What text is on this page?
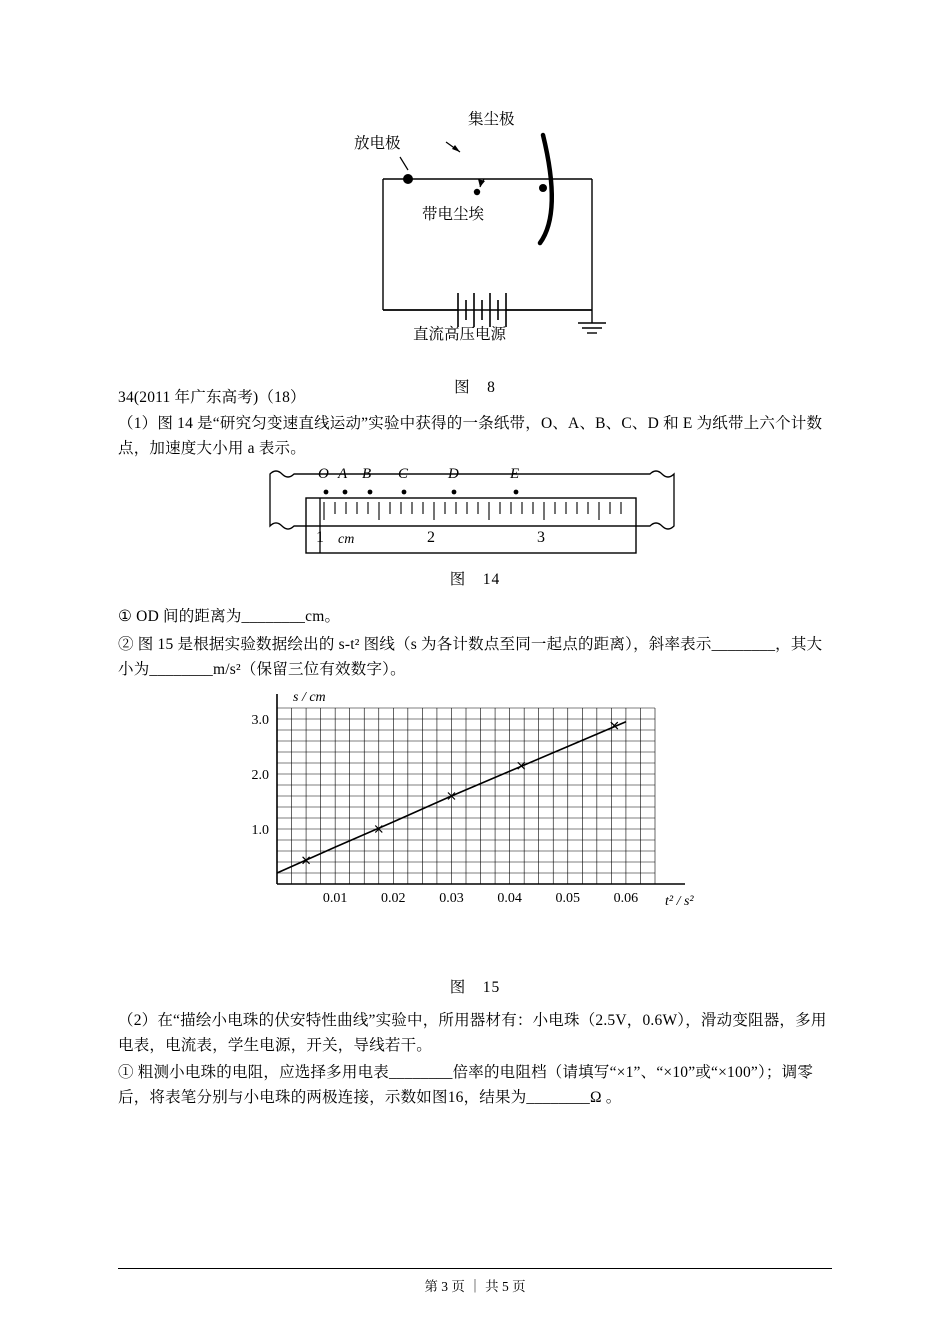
放电极
集尘极
带电尘埃
直流高压电源
图　8
34(2011 年广东高考)（18）
（1）图 14 是“研究匀变速直线运动”实验中获得的一条纸带，O、A、B、C、D 和 E 为纸带上六个计数点，加速度大小用 a 表示。
O A B C	D	E
1 cm	2	3
图　14
① OD 间的距离为________cm。
② 图 15 是根据实验数据绘出的 s-t² 图线（s 为各计数点至同一起点的距离），斜率表示________，其大小为________m/s²（保留三位有效数字）。
0.01 0.02 0.03 0.04 0.05 0.06
1.0
2.0
3.0
s / cm
t² / s²
图　15
（2）在“描绘小电珠的伏安特性曲线”实验中，所用器材有：小电珠（2.5V，0.6W），滑动变阻器，多用电表，电流表，学生电源，开关，导线若干。
① 粗测小电珠的电阻，应选择多用电表________倍率的电阻档（请填写“×1”、“×10”或“×100”）；调零后，将表笔分别与小电珠的两极连接，示数如图16，结果为________Ω 。
第 3 页 ｜ 共 5 页
